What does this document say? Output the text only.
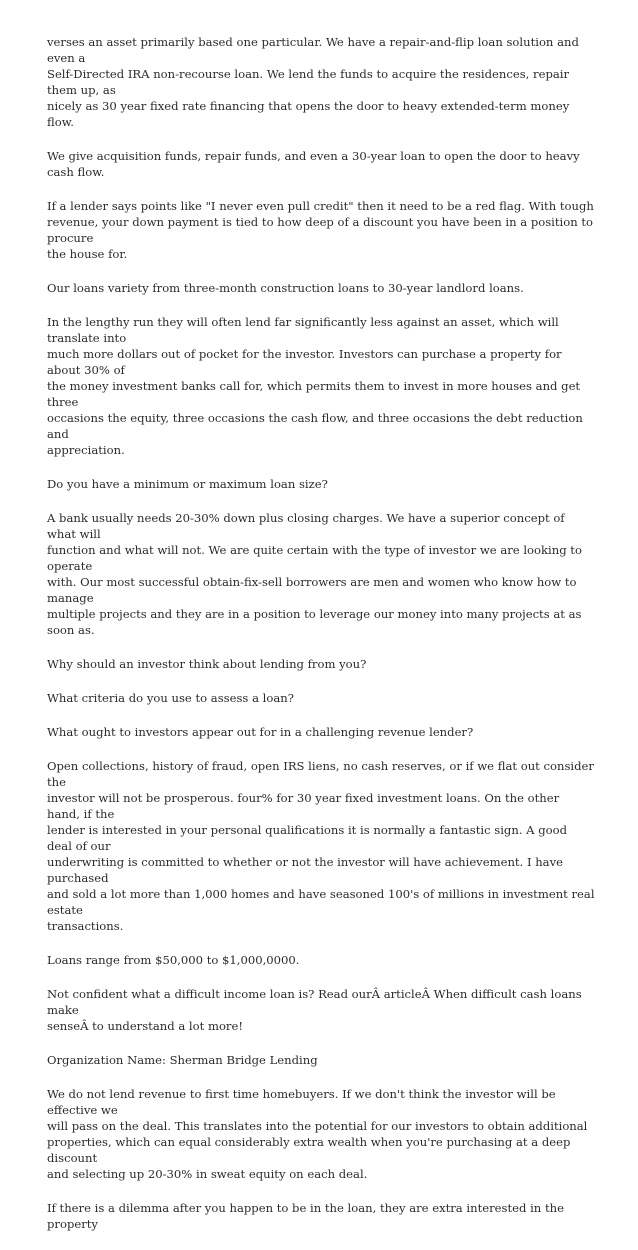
verses an asset primarily based one particular. We have a repair-and-flip loan solution and even a
Self-Directed IRA non-recourse loan. We lend the funds to acquire the residences, repair them up, as
nicely as 30 year fixed rate financing that opens the door to heavy extended-term money flow.

We give acquisition funds, repair funds, and even a 30-year loan to open the door to heavy cash flow.

If a lender says points like "I never even pull credit" then it need to be a red flag. With tough
revenue, your down payment is tied to how deep of a discount you have been in a position to procure
the house for.

Our loans variety from three-month construction loans to 30-year landlord loans.

In the lengthy run they will often lend far significantly less against an asset, which will translate into
much more dollars out of pocket for the investor. Investors can purchase a property for about 30% of
the money investment banks call for, which permits them to invest in more houses and get three
occasions the equity, three occasions the cash flow, and three occasions the debt reduction and
appreciation.

Do you have a minimum or maximum loan size?

A bank usually needs 20-30% down plus closing charges. We have a superior concept of what will
function and what will not. We are quite certain with the type of investor we are looking to operate
with. Our most successful obtain-fix-sell borrowers are men and women who know how to manage
multiple projects and they are in a position to leverage our money into many projects at as soon as.

Why should an investor think about lending from you?

What criteria do you use to assess a loan?

What ought to investors appear out for in a challenging revenue lender?

Open collections, history of fraud, open IRS liens, no cash reserves, or if we flat out consider the
investor will not be prosperous. four% for 30 year fixed investment loans. On the other hand, if the
lender is interested in your personal qualifications it is normally a fantastic sign. A good deal of our
underwriting is committed to whether or not the investor will have achievement. I have purchased
and sold a lot more than 1,000 homes and have seasoned 100's of millions in investment real estate
transactions.

Loans range from $50,000 to $1,000,0000.

Not confident what a difficult income loan is? Read ourÂ articleÂ When difficult cash loans make
senseÂ to understand a lot more!

Organization Name: Sherman Bridge Lending

We do not lend revenue to first time homebuyers. If we don't think the investor will be effective we
will pass on the deal. This translates into the potential for our investors to obtain additional
properties, which can equal considerably extra wealth when you're purchasing at a deep discount
and selecting up 20-30% in sweat equity on each deal.

If there is a dilemma after you happen to be in the loan, they are extra interested in the property
